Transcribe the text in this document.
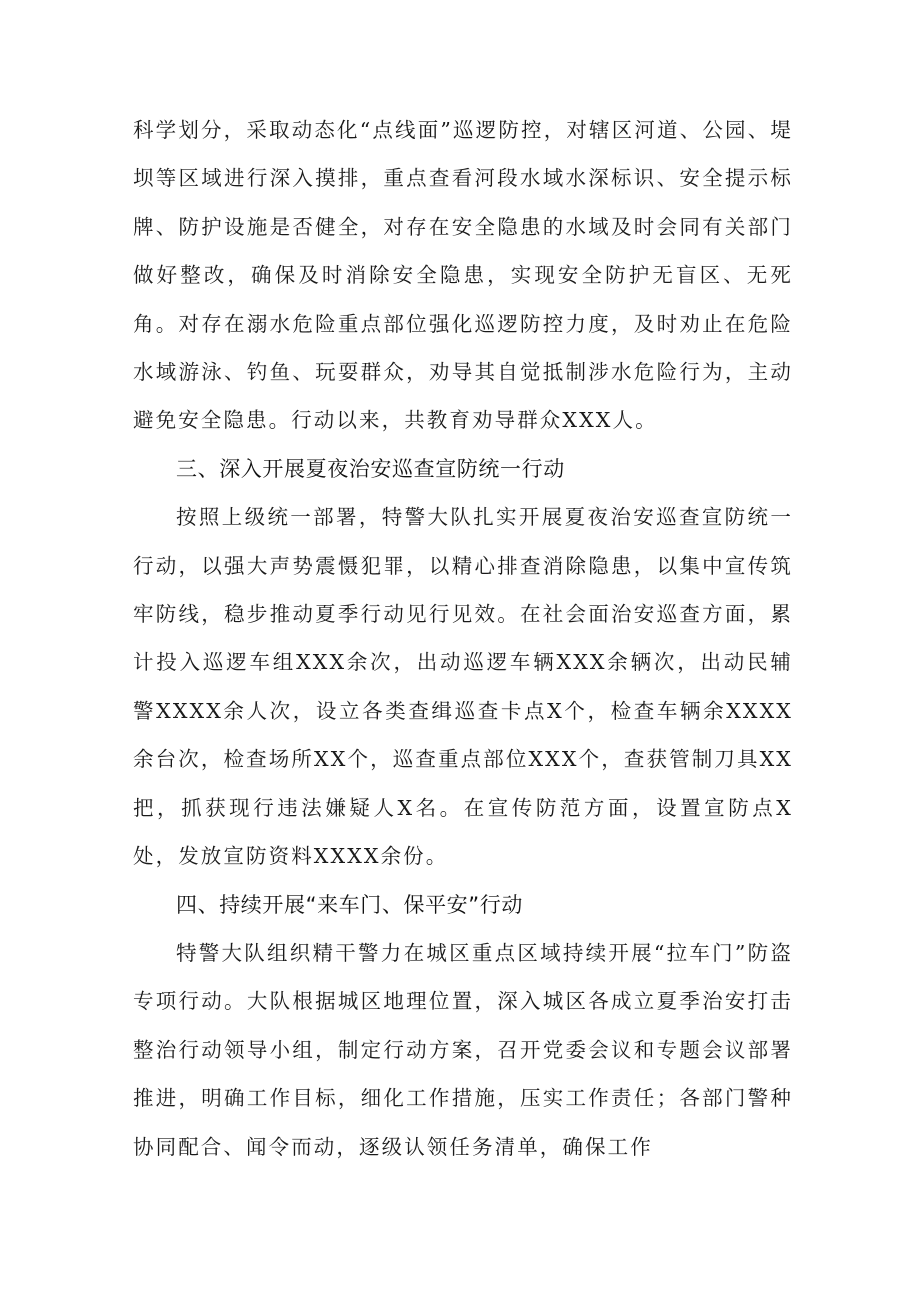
科学划分，采取动态化“点线面”巡逻防控，对辖区河道、公园、堤坝等区域进行深入摸排，重点查看河段水域水深标识、安全提示标牌、防护设施是否健全，对存在安全隐患的水域及时会同有关部门做好整改，确保及时消除安全隐患，实现安全防护无盲区、无死角。对存在溺水危险重点部位强化巡逻防控力度，及时劝止在危险水域游泳、钓鱼、玩耍群众，劝导其自觉抵制涉水危险行为，主动避免安全隐患。行动以来，共教育劝导群众XXX人。

三、深入开展夏夜治安巡查宣防统一行动

按照上级统一部署，特警大队扎实开展夏夜治安巡查宣防统一行动，以强大声势震慑犯罪，以精心排查消除隐患，以集中宣传筑牢防线，稳步推动夏季行动见行见效。在社会面治安巡查方面，累计投入巡逻车组XXX余次，出动巡逻车辆XXX余辆次，出动民辅警XXXX余人次，设立各类查缉巡查卡点X个，检查车辆余XXXX余台次，检查场所XX个，巡查重点部位XXX个，查获管制刀具XX把，抓获现行违法嫌疑人X名。在宣传防范方面，设置宣防点X处，发放宣防资料XXXX余份。

四、持续开展“来车门、保平安”行动

特警大队组织精干警力在城区重点区域持续开展“拉车门”防盗专项行动。大队根据城区地理位置，深入城区各成立夏季治安打击整治行动领导小组，制定行动方案，召开党委会议和专题会议部署推进，明确工作目标，细化工作措施，压实工作责任；各部门警种协同配合、闻令而动，逐级认领任务清单，确保工作
